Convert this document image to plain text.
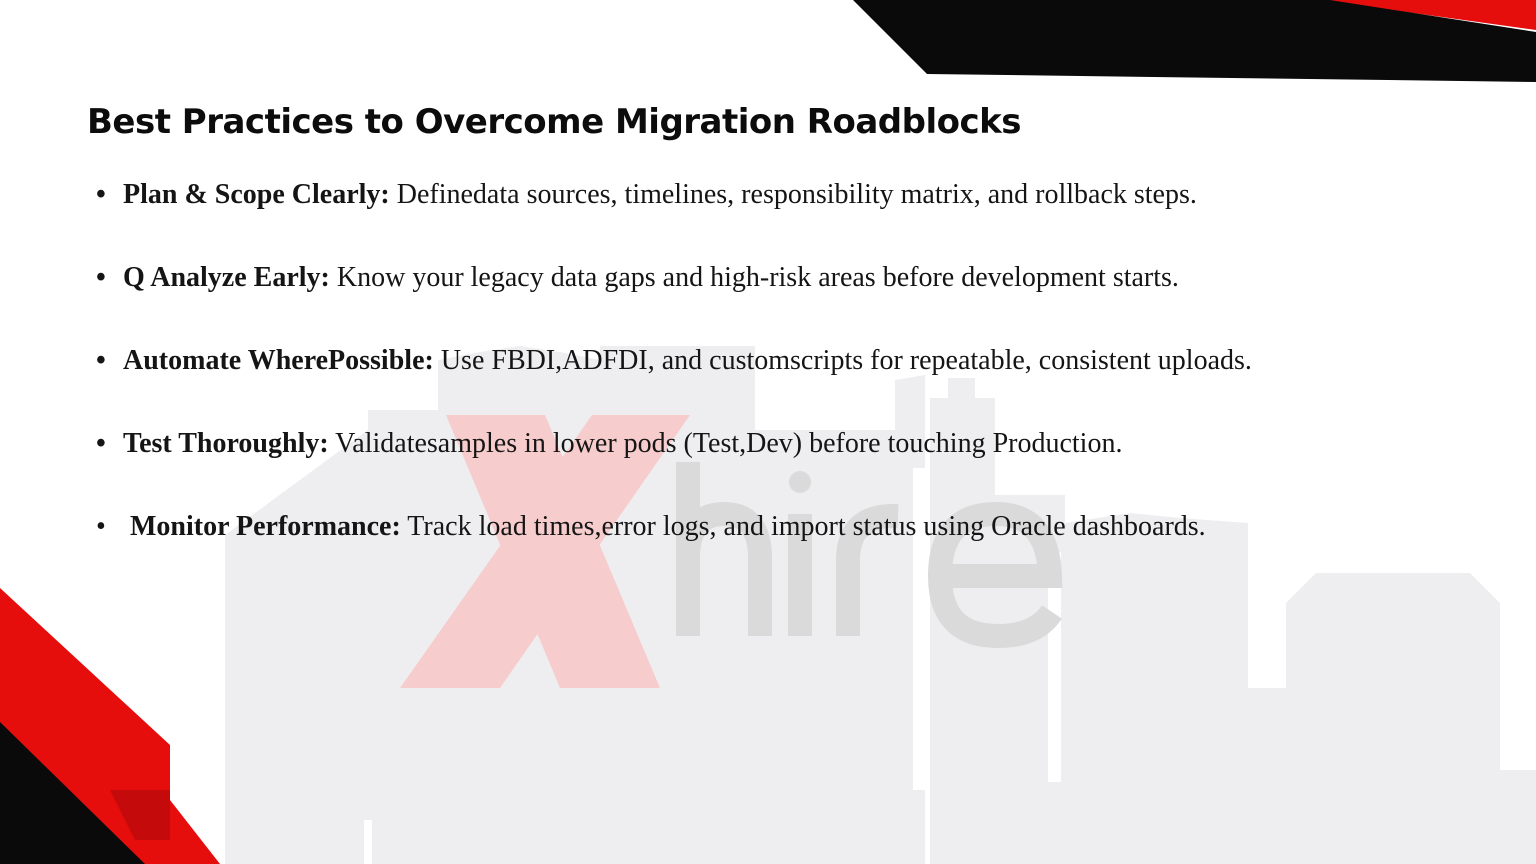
Best Practices to Overcome Migration Roadblocks
• Plan & Scope Clearly: Definedata sources, timelines, responsibility matrix, and rollback steps.
• Q Analyze Early: Know your legacy data gaps and high-risk areas before development starts.
• Automate WherePossible: Use FBDI,ADFDI, and customscripts for repeatable, consistent uploads.
• Test Thoroughly: Validatesamples in lower pods (Test,Dev) before touching Production.
• Monitor Performance: Track load times,error logs, and import status using Oracle dashboards.
